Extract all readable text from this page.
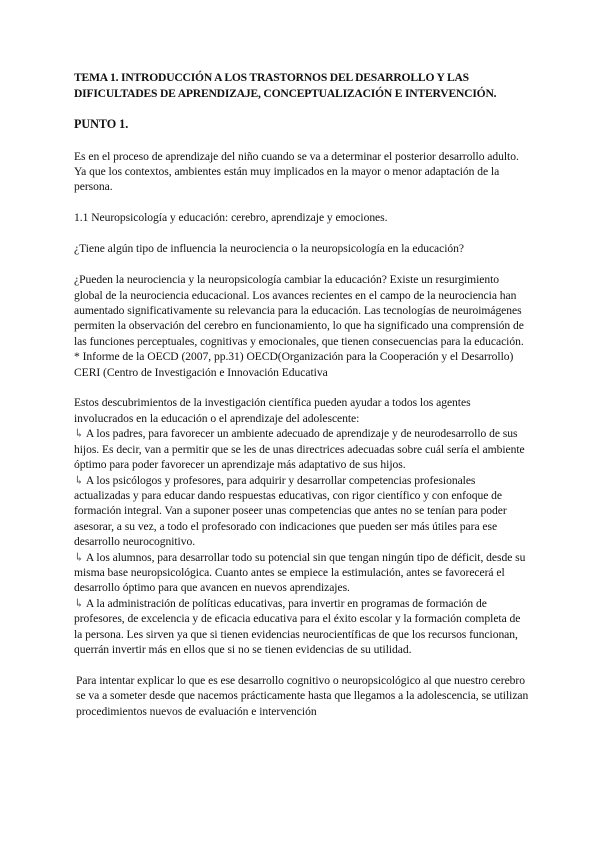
TEMA 1. INTRODUCCIÓN A LOS TRASTORNOS DEL DESARROLLO Y LAS DIFICULTADES DE APRENDIZAJE, CONCEPTUALIZACIÓN E INTERVENCIÓN.
PUNTO 1.

Es en el proceso de aprendizaje del niño cuando se va a determinar el posterior desarrollo adulto. Ya que los contextos, ambientes están muy implicados en la mayor o menor adaptación de la persona.

1.1 Neuropsicología y educación: cerebro, aprendizaje y emociones.

¿Tiene algún tipo de influencia la neurociencia o la neuropsicología en la educación?

¿Pueden la neurociencia y la neuropsicología cambiar la educación? Existe un resurgimiento global de la neurociencia educacional. Los avances recientes en el campo de la neurociencia han aumentado significativamente su relevancia para la educación. Las tecnologías de neuroimágenes permiten la observación del cerebro en funcionamiento, lo que ha significado una comprensión de las funciones perceptuales, cognitivas y emocionales, que tienen consecuencias para la educación.

* Informe de la OECD (2007, pp.31) OECD(Organización para la Cooperación y el Desarrollo) CERI (Centro de Investigación e Innovación Educativa

Estos descubrimientos de la investigación científica pueden ayudar a todos los agentes involucrados en la educación o el aprendizaje del adolescente:

↳ A los padres, para favorecer un ambiente adecuado de aprendizaje y de neurodesarrollo de sus hijos. Es decir, van a permitir que se les de unas directrices adecuadas sobre cuál sería el ambiente óptimo para poder favorecer un aprendizaje más adaptativo de sus hijos.
↳ A los psicólogos y profesores, para adquirir y desarrollar competencias profesionales actualizadas y para educar dando respuestas educativas, con rigor científico y con enfoque de formación integral. Van a suponer poseer unas competencias que antes no se tenían para poder asesorar, a su vez, a todo el profesorado con indicaciones que pueden ser más útiles para ese desarrollo neurocognitivo.
↳ A los alumnos, para desarrollar todo su potencial sin que tengan ningún tipo de déficit, desde su misma base neuropsicológica. Cuanto antes se empiece la estimulación, antes se favorecerá el desarrollo óptimo para que avancen en nuevos aprendizajes.
↳ A la administración de políticas educativas, para invertir en programas de formación de profesores, de excelencia y de eficacia educativa para el éxito escolar y la formación completa de la persona. Les sirven ya que si tienen evidencias neurocientíficas de que los recursos funcionan, querrán invertir más en ellos que si no se tienen evidencias de su utilidad.

Para intentar explicar lo que es ese desarrollo cognitivo o neuropsicológico al que nuestro cerebro se va a someter desde que nacemos prácticamente hasta que llegamos a la adolescencia, se utilizan procedimientos nuevos de evaluación e intervención
